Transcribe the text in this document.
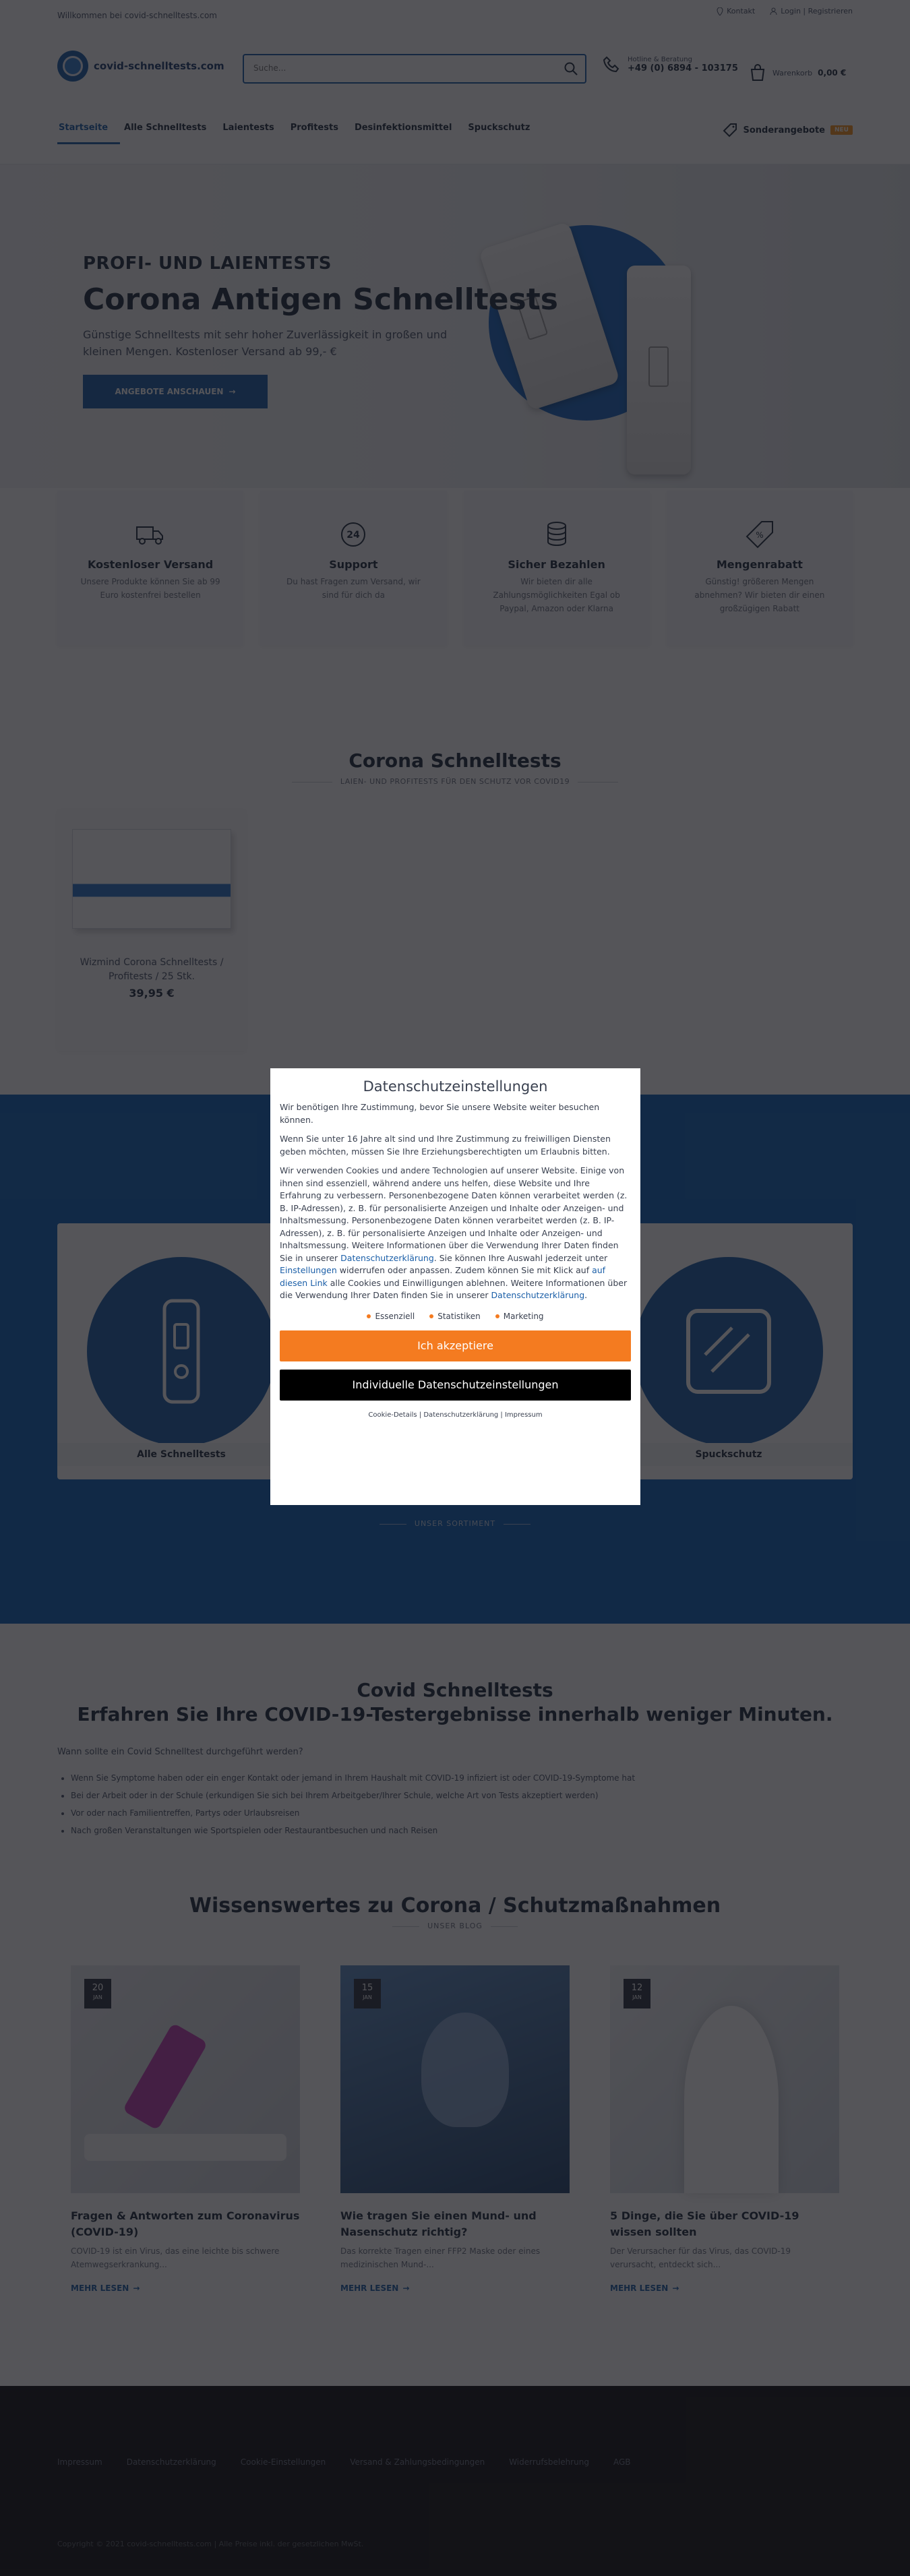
Suche...

•
•
•
•

Datenschutzeinstellungen

Wir benötigen Ihre Zustimmung, bevor Sie unsere Website weiter besuchen können.

Wenn Sie unter 16 Jahre alt sind und Ihre Zustimmung zu freiwilligen Diensten geben möchten, müssen Sie Ihre Erziehungsberechtigten um Erlaubnis bitten.

Wir verwenden Cookies und andere Technologien auf unserer Website. Einige von ihnen sind essenziell, während andere uns helfen, diese Website und Ihre Erfahrung zu verbessern. Personenbezogene Daten können verarbeitet werden (z. B. IP-Adressen), z. B. für personalisierte Anzeigen und Inhalte oder Anzeigen- und Inhaltsmessung. Personenbezogene Daten können verarbeitet werden (z. B. IP-Adressen), z. B. für personalisierte Anzeigen und Inhalte oder Anzeigen- und Inhaltsmessung. Weitere Informationen über die Verwendung Ihrer Daten finden Sie in unserer Datenschutzerklärung. Sie können Ihre Auswahl jederzeit unter Einstellungen widerrufen oder anpassen. Zudem können Sie mit Klick auf auf diesen Link alle Cookies und Einwilligungen ablehnen. Weitere Informationen über die Verwendung Ihrer Daten finden Sie in unserer Datenschutzerklärung.

Essenziell	Statistiken	Marketing
Ich akzeptiere
Individuelle Datenschutzeinstellungen
Cookie-Details | Datenschutzerklärung | Impressum
